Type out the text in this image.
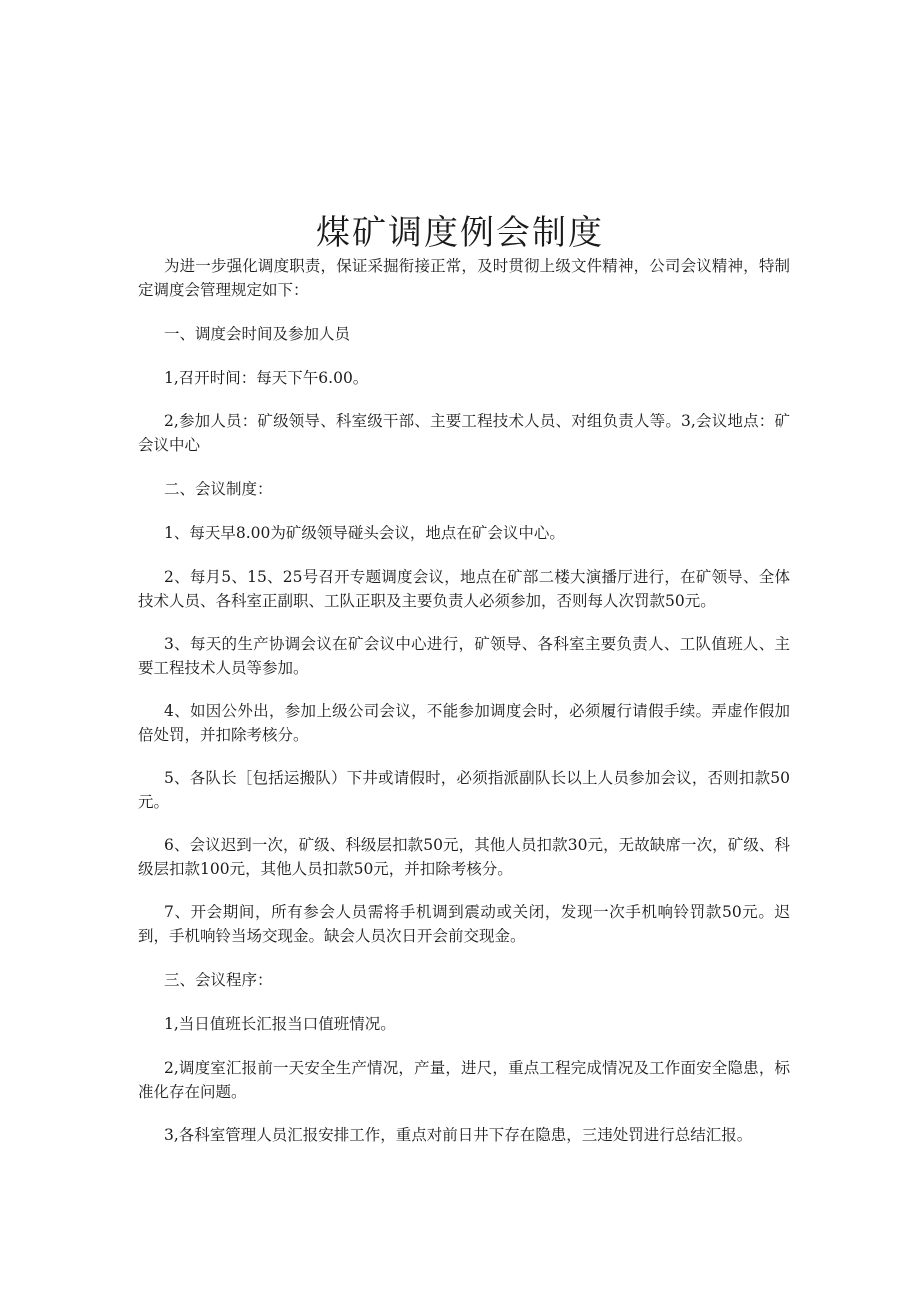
煤矿调度例会制度

为进一步强化调度职责，保证采掘衔接正常，及时贯彻上级文件精神，公司会议精神，特制定调度会管理规定如下：

一、调度会时间及参加人员

1,召开时间：每天下午6.00。

2,参加人员：矿级领导、科室级干部、主要工程技术人员、对组负责人等。3,会议地点：矿会议中心

二、会议制度：

1、每天早8.00为矿级领导碰头会议，地点在矿会议中心。

2、每月5、15、25号召开专题调度会议，地点在矿部二楼大演播厅进行，在矿领导、全体技术人员、各科室正副职、工队正职及主要负责人必须参加，否则每人次罚款50元。

3、每天的生产协调会议在矿会议中心进行，矿领导、各科室主要负责人、工队值班人、主要工程技术人员等参加。

4、如因公外出，参加上级公司会议，不能参加调度会时，必须履行请假手续。弄虚作假加倍处罚，并扣除考核分。

5、各队长［包括运搬队）下井或请假时，必须指派副队长以上人员参加会议，否则扣款50元。

6、会议迟到一次，矿级、科级层扣款50元，其他人员扣款30元，无故缺席一次，矿级、科级层扣款100元，其他人员扣款50元，并扣除考核分。

7、开会期间，所有参会人员需将手机调到震动或关闭，发现一次手机响铃罚款50元。迟到，手机响铃当场交现金。缺会人员次日开会前交现金。

三、会议程序：

1,当日值班长汇报当口值班情况。

2,调度室汇报前一天安全生产情况，产量，进尺，重点工程完成情况及工作面安全隐患，标准化存在问题。

3,各科室管理人员汇报安排工作，重点对前日井下存在隐患，三违处罚进行总结汇报。
